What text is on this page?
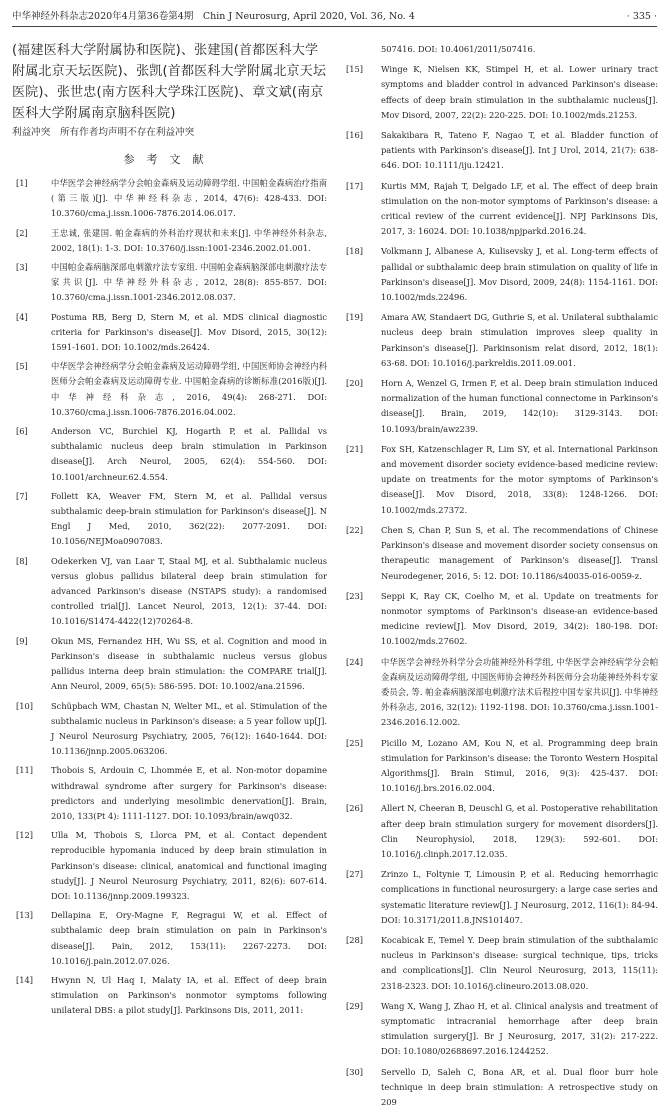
中华神经外科杂志2020年4月第36卷第4期　Chin J Neurosurg, April 2020, Vol. 36, No. 4	· 335 ·

(福建医科大学附属协和医院)、张建国(首都医科大学附属北京天坛医院)、张凯(首都医科大学附属北京天坛医院)、张世忠(南方医科大学珠江医院)、章文斌(南京医科大学附属南京脑科医院)

利益冲突　所有作者均声明不存在利益冲突

参考文献
[1]	中华医学会神经病学分会帕金森病及运动障碍学组. 中国帕金森病治疗指南(第三版)[J]. 中华神经科杂志, 2014, 47(6): 428-433. DOI: 10.3760/cma.j.issn.1006-7876.2014.06.017.
[2]	王忠诚, 张建国. 帕金森病的外科治疗现状和未来[J]. 中华神经外科杂志, 2002, 18(1): 1-3. DOI: 10.3760/j.issn:1001-2346.2002.01.001.
[3]	中国帕金森病脑深部电刺激疗法专家组. 中国帕金森病脑深部电刺激疗法专家共识[J]. 中华神经外科杂志, 2012, 28(8): 855-857. DOI: 10.3760/cma.j.issn.1001-2346.2012.08.037.
[4]	Postuma RB, Berg D, Stern M, et al. MDS clinical diagnostic criteria for Parkinson's disease[J]. Mov Disord, 2015, 30(12): 1591-1601. DOI: 10.1002/mds.26424.
[5]	中华医学会神经病学分会帕金森病及运动障碍学组, 中国医师协会神经内科医师分会帕金森病及运动障碍专业. 中国帕金森病的诊断标准(2016版)[J]. 中华神经科杂志, 2016, 49(4): 268-271. DOI: 10.3760/cma.j.issn.1006-7876.2016.04.002.
[6]	Anderson VC, Burchiel KJ, Hogarth P, et al. Pallidal vs subthalamic nucleus deep brain stimulation in Parkinson disease[J]. Arch Neurol, 2005, 62(4): 554-560. DOI: 10.1001/archneur.62.4.554.
[7]	Follett KA, Weaver FM, Stern M, et al. Pallidal versus subthalamic deep-brain stimulation for Parkinson's disease[J]. N Engl J Med, 2010, 362(22): 2077-2091. DOI: 10.1056/NEJMoa0907083.
[8]	Odekerken VJ, van Laar T, Staal MJ, et al. Subthalamic nucleus versus globus pallidus bilateral deep brain stimulation for advanced Parkinson's disease (NSTAPS study): a randomised controlled trial[J]. Lancet Neurol, 2013, 12(1): 37-44. DOI: 10.1016/S1474-4422(12)70264-8.
[9]	Okun MS, Fernandez HH, Wu SS, et al. Cognition and mood in Parkinson's disease in subthalamic nucleus versus globus pallidus interna deep brain stimulation: the COMPARE trial[J]. Ann Neurol, 2009, 65(5): 586-595. DOI: 10.1002/ana.21596.
[10]	Schüpbach WM, Chastan N, Welter ML, et al. Stimulation of the subthalamic nucleus in Parkinson's disease: a 5 year follow up[J]. J Neurol Neurosurg Psychiatry, 2005, 76(12): 1640-1644. DOI: 10.1136/jnnp.2005.063206.
[11]	Thobois S, Ardouin C, Lhommée E, et al. Non-motor dopamine withdrawal syndrome after surgery for Parkinson's disease: predictors and underlying mesolimbic denervation[J]. Brain, 2010, 133(Pt 4): 1111-1127. DOI: 10.1093/brain/awq032.
[12]	Ulla M, Thobois S, Llorca PM, et al. Contact dependent reproducible hypomania induced by deep brain stimulation in Parkinson's disease: clinical, anatomical and functional imaging study[J]. J Neurol Neurosurg Psychiatry, 2011, 82(6): 607-614. DOI: 10.1136/jnnp.2009.199323.
[13]	Dellapina E, Ory-Magne F, Regragui W, et al. Effect of subthalamic deep brain stimulation on pain in Parkinson's disease[J]. Pain, 2012, 153(11): 2267-2273. DOI: 10.1016/j.pain.2012.07.026.
[14]	Hwynn N, Ul Haq I, Malaty IA, et al. Effect of deep brain stimulation on Parkinson's nonmotor symptoms following unilateral DBS: a pilot study[J]. Parkinsons Dis, 2011, 2011:
507416. DOI: 10.4061/2011/507416.
[15]	Winge K, Nielsen KK, Stimpel H, et al. Lower urinary tract symptoms and bladder control in advanced Parkinson's disease: effects of deep brain stimulation in the subthalamic nucleus[J]. Mov Disord, 2007, 22(2): 220-225. DOI: 10.1002/mds.21253.
[16]	Sakakibara R, Tateno F, Nagao T, et al. Bladder function of patients with Parkinson's disease[J]. Int J Urol, 2014, 21(7): 638-646. DOI: 10.1111/iju.12421.
[17]	Kurtis MM, Rajah T, Delgado LF, et al. The effect of deep brain stimulation on the non-motor symptoms of Parkinson's disease: a critical review of the current evidence[J]. NPJ Parkinsons Dis, 2017, 3: 16024. DOI: 10.1038/npjparkd.2016.24.
[18]	Volkmann J, Albanese A, Kulisevsky J, et al. Long-term effects of pallidal or subthalamic deep brain stimulation on quality of life in Parkinson's disease[J]. Mov Disord, 2009, 24(8): 1154-1161. DOI: 10.1002/mds.22496.
[19]	Amara AW, Standaert DG, Guthrie S, et al. Unilateral subthalamic nucleus deep brain stimulation improves sleep quality in Parkinson's disease[J]. Parkinsonism relat disord, 2012, 18(1): 63-68. DOI: 10.1016/j.parkreldis.2011.09.001.
[20]	Horn A, Wenzel G, Irmen F, et al. Deep brain stimulation induced normalization of the human functional connectome in Parkinson's disease[J]. Brain, 2019, 142(10): 3129-3143. DOI: 10.1093/brain/awz239.
[21]	Fox SH, Katzenschlager R, Lim SY, et al. International Parkinson and movement disorder society evidence-based medicine review: update on treatments for the motor symptoms of Parkinson's disease[J]. Mov Disord, 2018, 33(8): 1248-1266. DOI: 10.1002/mds.27372.
[22]	Chen S, Chan P, Sun S, et al. The recommendations of Chinese Parkinson's disease and movement disorder society consensus on therapeutic management of Parkinson's disease[J]. Transl Neurodegener, 2016, 5: 12. DOI: 10.1186/s40035-016-0059-z.
[23]	Seppi K, Ray CK, Coelho M, et al. Update on treatments for nonmotor symptoms of Parkinson's disease-an evidence-based medicine review[J]. Mov Disord, 2019, 34(2): 180-198. DOI: 10.1002/mds.27602.
[24]	中华医学会神经外科学分会功能神经外科学组, 中华医学会神经病学分会帕金森病及运动障碍学组, 中国医师协会神经外科医师分会功能神经外科专家委员会, 等. 帕金森病脑深部电刺激疗法术后程控中国专家共识[J]. 中华神经外科杂志, 2016, 32(12): 1192-1198. DOI: 10.3760/cma.j.issn.1001-2346.2016.12.002.
[25]	Picillo M, Lozano AM, Kou N, et al. Programming deep brain stimulation for Parkinson's disease: the Toronto Western Hospital Algorithms[J]. Brain Stimul, 2016, 9(3): 425-437. DOI: 10.1016/j.brs.2016.02.004.
[26]	Allert N, Cheeran B, Deuschl G, et al. Postoperative rehabilitation after deep brain stimulation surgery for movement disorders[J]. Clin Neurophysiol, 2018, 129(3): 592-601. DOI: 10.1016/j.clinph.2017.12.035.
[27]	Zrinzo L, Foltynie T, Limousin P, et al. Reducing hemorrhagic complications in functional neurosurgery: a large case series and systematic literature review[J]. J Neurosurg, 2012, 116(1): 84-94. DOI: 10.3171/2011.8.JNS101407.
[28]	Kocabicak E, Temel Y. Deep brain stimulation of the subthalamic nucleus in Parkinson's disease: surgical technique, tips, tricks and complications[J]. Clin Neurol Neurosurg, 2013, 115(11): 2318-2323. DOI: 10.1016/j.clineuro.2013.08.020.
[29]	Wang X, Wang J, Zhao H, et al. Clinical analysis and treatment of symptomatic intracranial hemorrhage after deep brain stimulation surgery[J]. Br J Neurosurg, 2017, 31(2): 217-222. DOI: 10.1080/02688697.2016.1244252.
[30]	Servello D, Saleh C, Bona AR, et al. Dual floor burr hole technique in deep brain stimulation: A retrospective study on 209
